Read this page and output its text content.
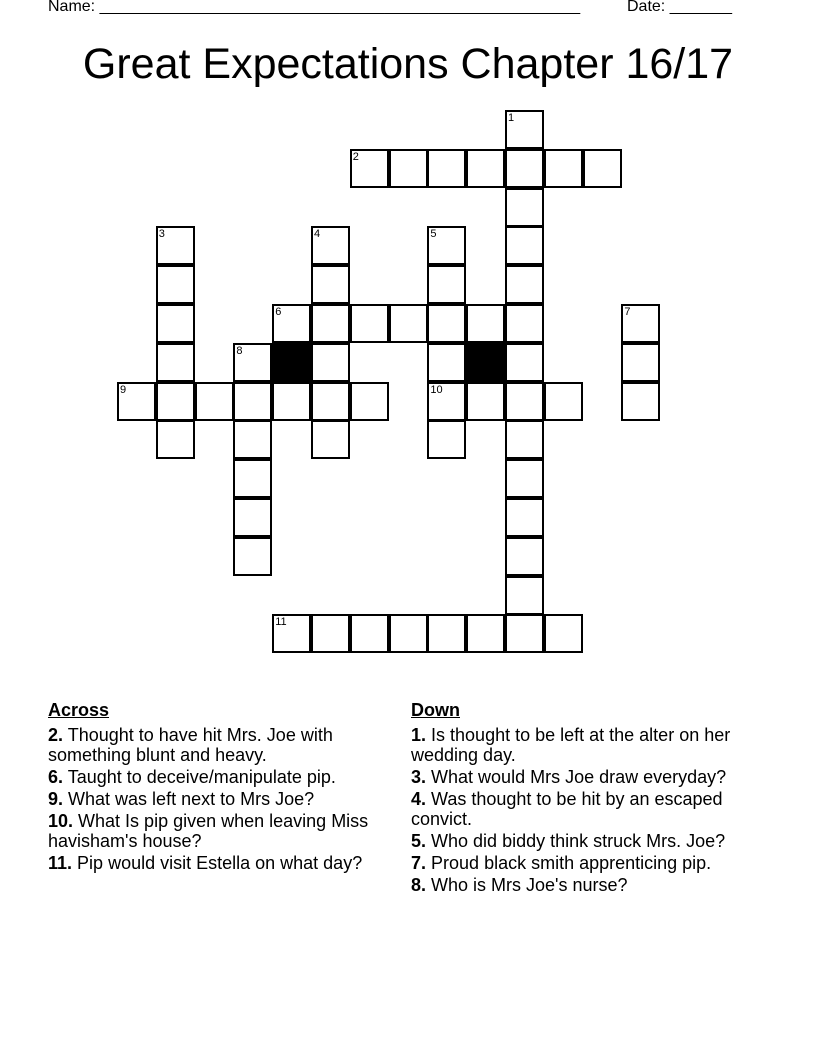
Name: ______________________________________________________	Date: _______
Great Expectations Chapter 16/17
1
2
3	4	5
10
6	7
8
9
11
Across
2. Thought to have hit Mrs. Joe with something blunt and heavy.
6. Taught to deceive/manipulate pip.
9. What was left next to Mrs Joe?
10. What Is pip given when leaving Miss havisham's house?
11. Pip would visit Estella on what day?
Down
1. Is thought to be left at the alter on her wedding day.
3. What would Mrs Joe draw everyday?
4. Was thought to be hit by an escaped convict.
5. Who did biddy think struck Mrs. Joe?
7. Proud black smith apprenticing pip.
8. Who is Mrs Joe's nurse?
